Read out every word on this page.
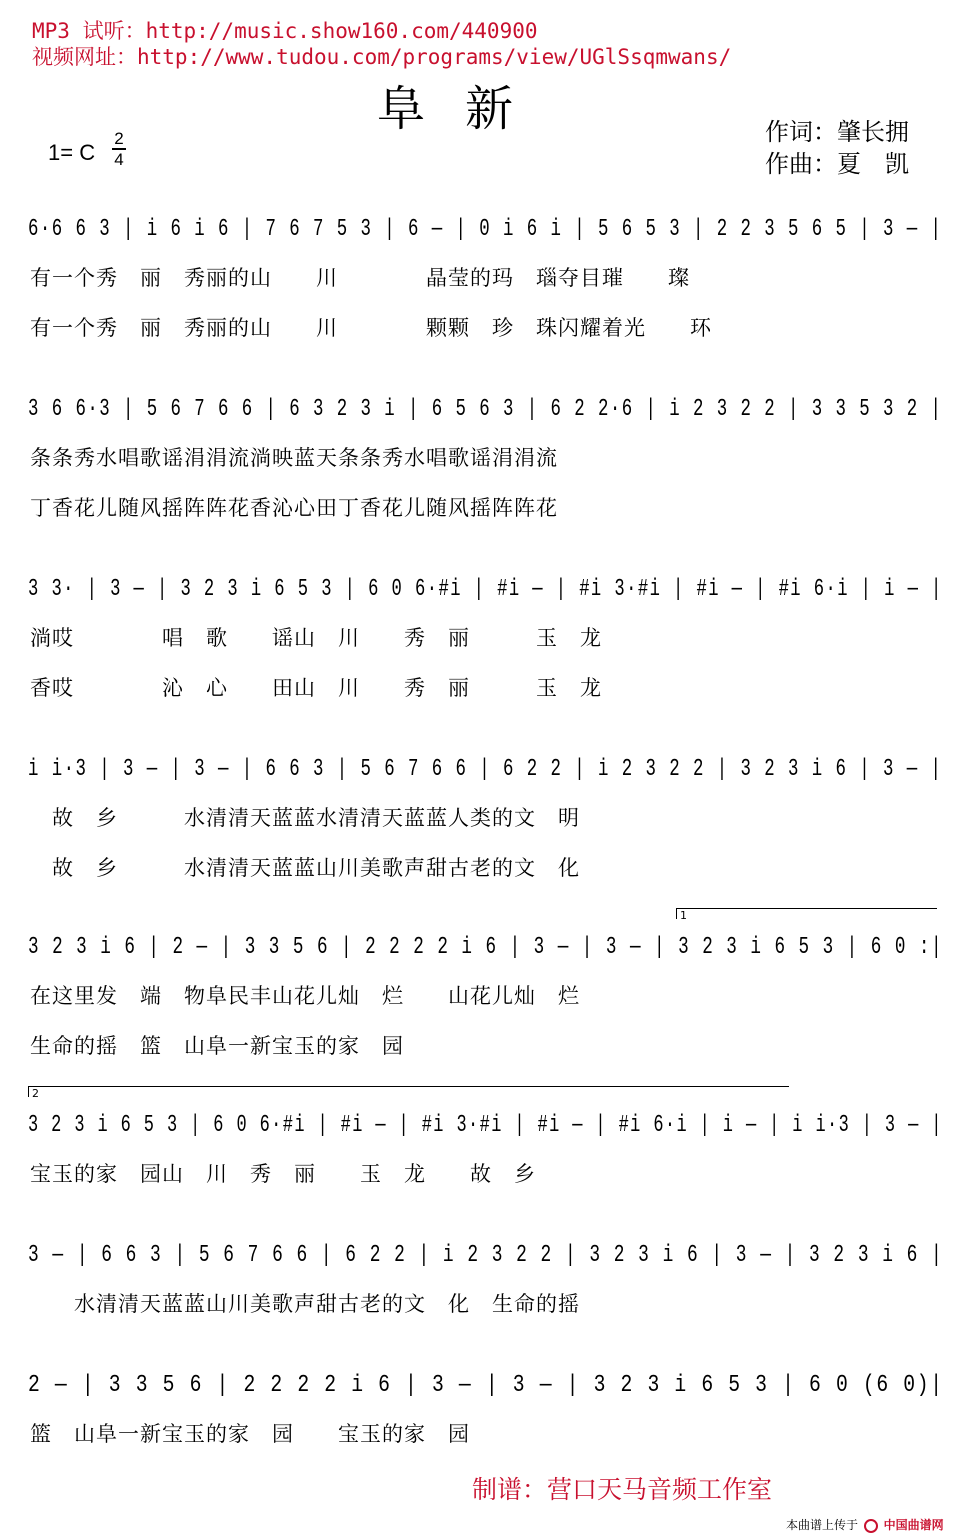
MP3 试听：http://music.show160.com/440900
视频网址：http://www.tudou.com/programs/view/UGlSsqmwans/
阜新	作词：肇长拥
作曲：夏　凯
1= C
2
4
6·6 6 3 | i 6 i 6 | 7 6 7 5 3 | 6 — | 0 i 6 i | 5 6 5 3 | 2 2 3 5 6 5 | 3 — |
有一个秀　丽　秀丽的山　　川　　　　晶莹的玛　瑙夺目璀　　璨
有一个秀　丽　秀丽的山　　川　　　　颗颗　珍　珠闪耀着光　　环
3 6 6·3 | 5 6 7 6 6 | 6 3 2 3 i | 6 5 6 3 | 6 2 2·6 | i 2 3 2 2 | 3 3 5 3 2 |
条条秀水唱歌谣涓涓流淌映蓝天条条秀水唱歌谣涓涓流
丁香花儿随风摇阵阵花香沁心田丁香花儿随风摇阵阵花
3 3· | 3 — | 3 2 3 i 6 5 3 | 6 0 6·#i | #i — | #i 3·#i | #i — | #i 6·i | i — |
淌哎　　　　唱　歌　　谣山　川　　秀　丽　　　玉　龙
香哎　　　　沁　心　　田山　川　　秀　丽　　　玉　龙
i i·3 | 3 — | 3 — | 6 6 3 | 5 6 7 6 6 | 6 2 2 | i 2 3 2 2 | 3 2 3 i 6 | 3 — |
　故　乡　　　水清清天蓝蓝水清清天蓝蓝人类的文　明
　故　乡　　　水清清天蓝蓝山川美歌声甜古老的文　化
1
3 2 3 i 6 | 2 — | 3 3 5 6 | 2 2 2 2 i 6 | 3 — | 3 — | 3 2 3 i 6 5 3 | 6 0 :|
在这里发　端　物阜民丰山花儿灿　烂　　山花儿灿　烂
生命的摇　篮　山阜一新宝玉的家　园
2
3 2 3 i 6 5 3 | 6 0 6·#i | #i — | #i 3·#i | #i — | #i 6·i | i — | i i·3 | 3 — |
宝玉的家　园山　川　秀　丽　　玉　龙　　故　乡
3 — | 6 6 3 | 5 6 7 6 6 | 6 2 2 | i 2 3 2 2 | 3 2 3 i 6 | 3 — | 3 2 3 i 6 |
　　水清清天蓝蓝山川美歌声甜古老的文　化　生命的摇
2 — | 3 3 5 6 | 2 2 2 2 i 6 | 3 — | 3 — | 3 2 3 i 6 5 3 | 6 0 (6 0)|
篮　山阜一新宝玉的家　园　　宝玉的家　园
制谱：营口天马音频工作室
本曲谱上传于 中国曲谱网
